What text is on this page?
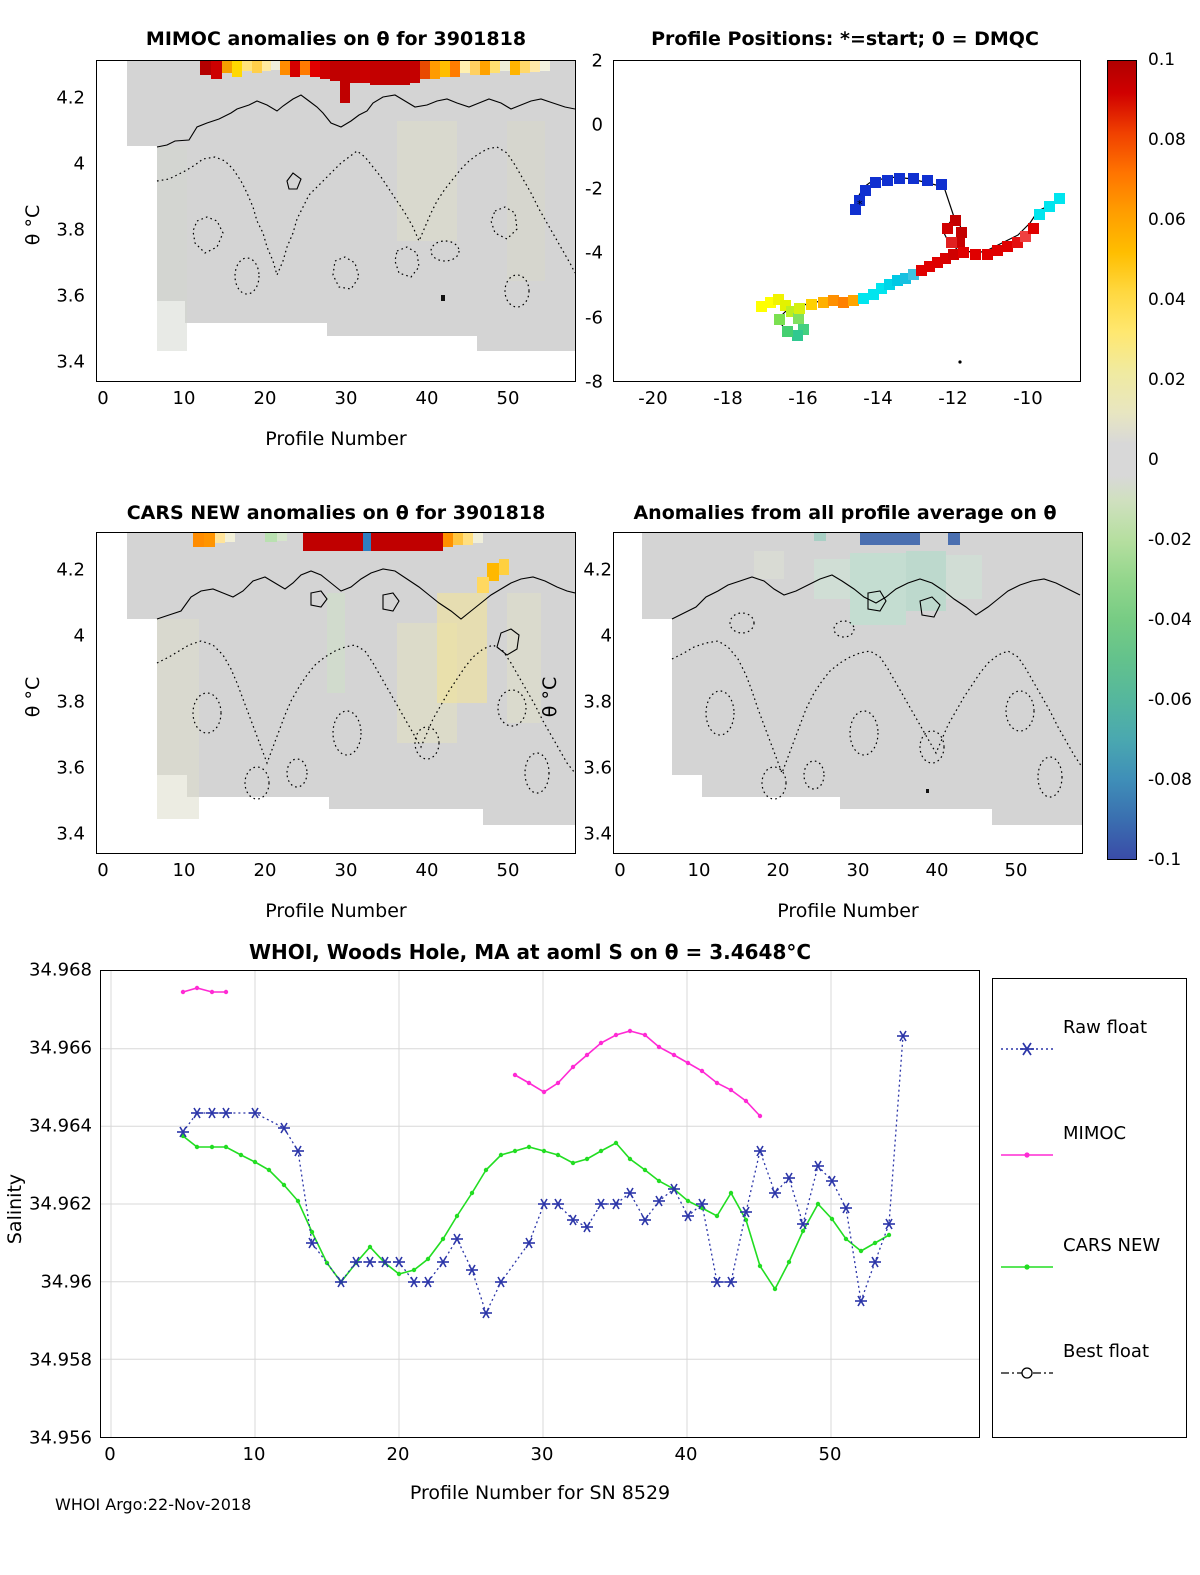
MIMOC anomalies on θ for 3901818
0	10	20	30	40	50
3.4
3.6
3.8
4
4.2
Profile Number
θ °C
Profile Positions: *=start; 0 = DMQC
*
-20	-18	-16	-14	-12	-10
-8
-6
-4
-2
0
2	0.1
0.08
0.06
0.04
0.02
0
-0.02
-0.04
-0.06
-0.08
-0.1
CARS NEW anomalies on θ for 3901818
0	10	20	30	40	50
3.4
3.6
3.8
4
4.2
Profile Number
θ °C
Anomalies from all profile average on θ
0	10	20	30	40	50
3.4
3.6
3.8
4
4.2
Profile Number
θ °C
WHOI, Woods Hole, MA at aoml S on θ = 3.4648°C
0	10	20	30	40	50
34.956
34.958
34.96
34.962
34.964
34.966
34.968
Profile Number for SN 8529
Salinity
Raw float
MIMOC
CARS NEW
Best float
WHOI Argo:22-Nov-2018
